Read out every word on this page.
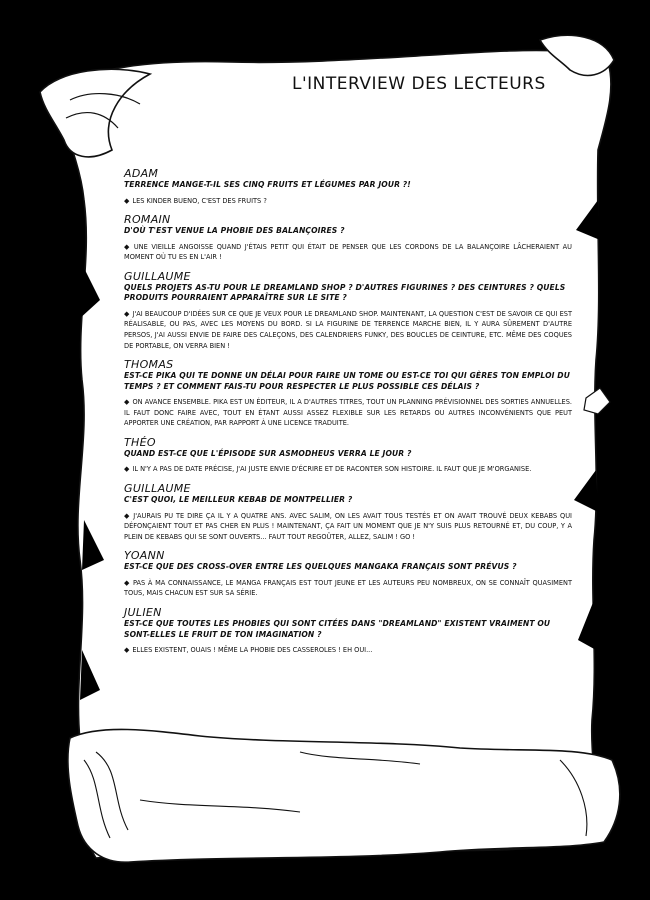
L'INTERVIEW DES LECTEURS
ADAM
TERRENCE MANGE-T-IL SES CINQ FRUITS ET LÉGUMES PAR JOUR ?!
◆ LES KINDER BUENO, C'EST DES FRUITS ?
ROMAIN
D'OÙ T'EST VENUE LA PHOBIE DES BALANÇOIRES ?
◆ UNE VIEILLE ANGOISSE QUAND J'ÉTAIS PETIT QUI ÉTAIT DE PENSER QUE LES CORDONS DE LA BALANÇOIRE LÂCHERAIENT AU MOMENT OÙ TU ES EN L'AIR !
GUILLAUME
QUELS PROJETS AS-TU POUR LE DREAMLAND SHOP ? D'AUTRES FIGURINES ? DES CEINTURES ? QUELS PRODUITS POURRAIENT APPARAÎTRE SUR LE SITE ?
◆ J'AI BEAUCOUP D'IDÉES SUR CE QUE JE VEUX POUR LE DREAMLAND SHOP. MAINTENANT, LA QUESTION C'EST DE SAVOIR CE QUI EST RÉALISABLE, OU PAS, AVEC LES MOYENS DU BORD. SI LA FIGURINE DE TERRENCE MARCHE BIEN, IL Y AURA SÛREMENT D'AUTRE PERSOS, J'AI AUSSI ENVIE DE FAIRE DES CALEÇONS, DES CALENDRIERS FUNKY, DES BOUCLES DE CEINTURE, ETC. MÊME DES COQUES DE PORTABLE, ON VERRA BIEN !
THOMAS
EST-CE PIKA QUI TE DONNE UN DÉLAI POUR FAIRE UN TOME OU EST-CE TOI QUI GÈRES TON EMPLOI DU TEMPS ? ET COMMENT FAIS-TU POUR RESPECTER LE PLUS POSSIBLE CES DÉLAIS ?
◆ ON AVANCE ENSEMBLE. PIKA EST UN ÉDITEUR, IL A D'AUTRES TITRES, TOUT UN PLANNING PRÉVISIONNEL DES SORTIES ANNUELLES. IL FAUT DONC FAIRE AVEC, TOUT EN ÉTANT AUSSI ASSEZ FLEXIBLE SUR LES RETARDS OU AUTRES INCONVÉNIENTS QUE PEUT APPORTER UNE CRÉATION, PAR RAPPORT À UNE LICENCE TRADUITE.
THÉO
QUAND EST-CE QUE L'ÉPISODE SUR ASMODHEUS VERRA LE JOUR ?
◆ IL N'Y A PAS DE DATE PRÉCISE, J'AI JUSTE ENVIE D'ÉCRIRE ET DE RACONTER SON HISTOIRE. IL FAUT QUE JE M'ORGANISE.
GUILLAUME
C'EST QUOI, LE MEILLEUR KEBAB DE MONTPELLIER ?
◆ J'AURAIS PU TE DIRE ÇA IL Y A QUATRE ANS. AVEC SALIM, ON LES AVAIT TOUS TESTÉS ET ON AVAIT TROUVÉ DEUX KEBABS QUI DÉFONÇAIENT TOUT ET PAS CHER EN PLUS ! MAINTENANT, ÇA FAIT UN MOMENT QUE JE N'Y SUIS PLUS RETOURNÉ ET, DU COUP, Y A PLEIN DE KEBABS QUI SE SONT OUVERTS... FAUT TOUT REGOÛTER, ALLEZ, SALIM ! GO !
YOANN
EST-CE QUE DES CROSS-OVER ENTRE LES QUELQUES MANGAKA FRANÇAIS SONT PRÉVUS ?
◆ PAS À MA CONNAISSANCE, LE MANGA FRANÇAIS EST TOUT JEUNE ET LES AUTEURS PEU NOMBREUX, ON SE CONNAÎT QUASIMENT TOUS, MAIS CHACUN EST SUR SA SÉRIE.
JULIEN
EST-CE QUE TOUTES LES PHOBIES QUI SONT CITÉES DANS "DREAMLAND" EXISTENT VRAIMENT OU SONT-ELLES LE FRUIT DE TON IMAGINATION ?
◆ ELLES EXISTENT, OUAIS ! MÊME LA PHOBIE DES CASSEROLES ! EH OUI...
